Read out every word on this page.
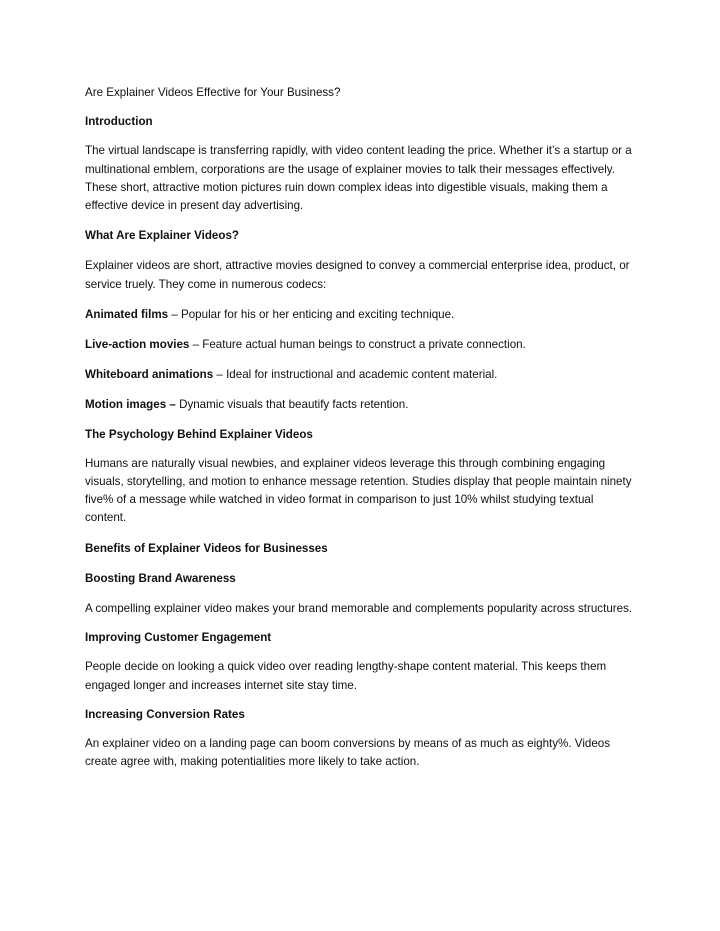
Are Explainer Videos Effective for Your Business?

Introduction

The virtual landscape is transferring rapidly, with video content leading the price. Whether it’s a startup or a multinational emblem, corporations are the usage of explainer movies to talk their messages effectively. These short, attractive motion pictures ruin down complex ideas into digestible visuals, making them a effective device in present day advertising.

What Are Explainer Videos?

Explainer videos are short, attractive movies designed to convey a commercial enterprise idea, product, or service truely. They come in numerous codecs:

Animated films – Popular for his or her enticing and exciting technique.

Live-action movies – Feature actual human beings to construct a private connection.

Whiteboard animations – Ideal for instructional and academic content material.

Motion images – Dynamic visuals that beautify facts retention.

The Psychology Behind Explainer Videos

Humans are naturally visual newbies, and explainer videos leverage this through combining engaging visuals, storytelling, and motion to enhance message retention. Studies display that people maintain ninety five% of a message while watched in video format in comparison to just 10% whilst studying textual content.

Benefits of Explainer Videos for Businesses

Boosting Brand Awareness

A compelling explainer video makes your brand memorable and complements popularity across structures.

Improving Customer Engagement

People decide on looking a quick video over reading lengthy-shape content material. This keeps them engaged longer and increases internet site stay time.

Increasing Conversion Rates

An explainer video on a landing page can boom conversions by means of as much as eighty%. Videos create agree with, making potentialities more likely to take action.
